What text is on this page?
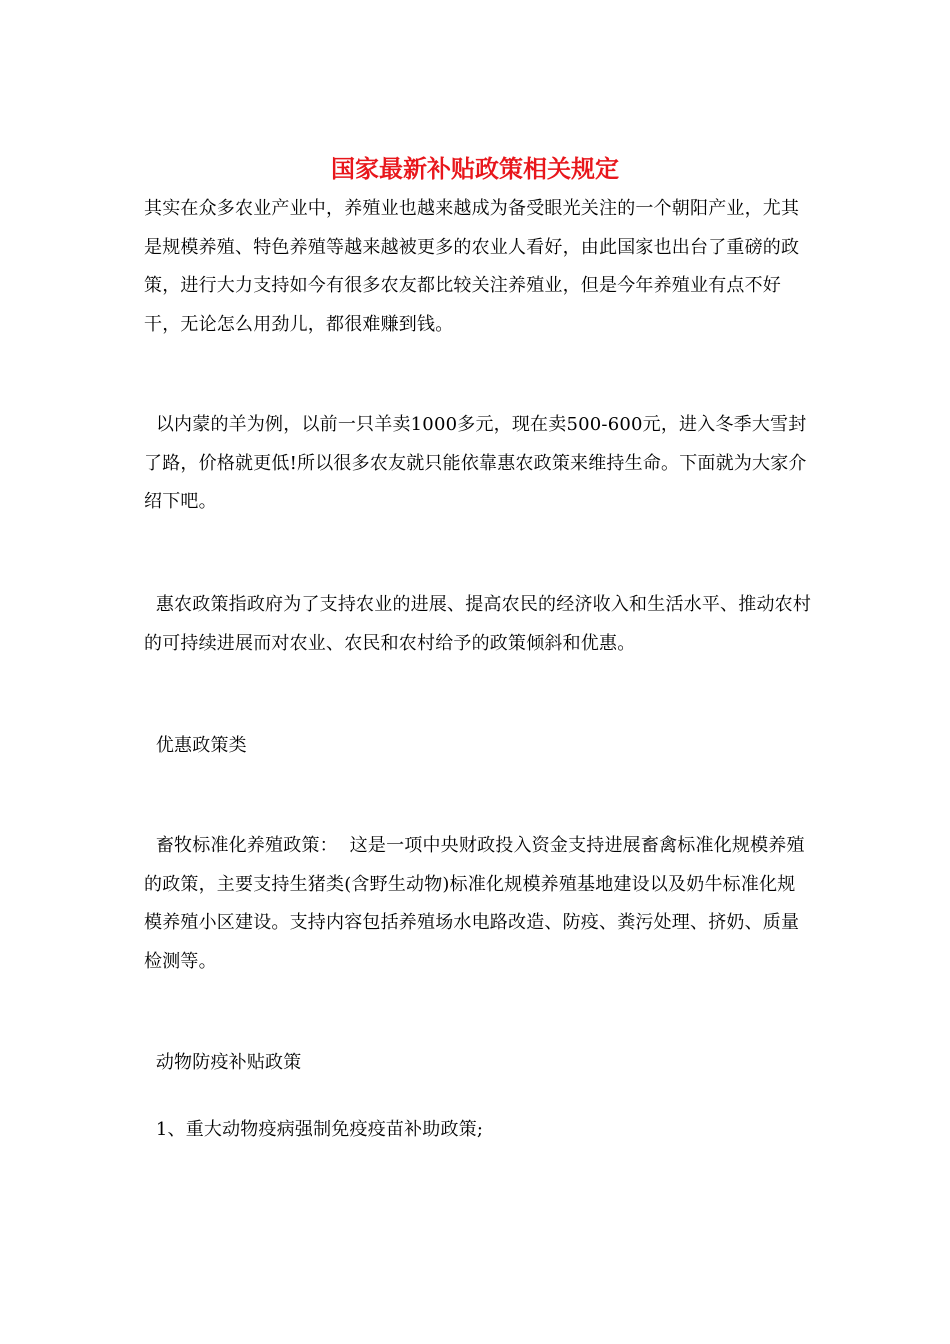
国家最新补贴政策相关规定

其实在众多农业产业中，养殖业也越来越成为备受眼光关注的一个朝阳产业，尤其是规模养殖、特色养殖等越来越被更多的农业人看好，由此国家也出台了重磅的政策，进行大力支持如今有很多农友都比较关注养殖业，但是今年养殖业有点不好干，无论怎么用劲儿，都很难赚到钱。

以内蒙的羊为例，以前一只羊卖1000多元，现在卖500-600元，进入冬季大雪封了路，价格就更低!所以很多农友就只能依靠惠农政策来维持生命。下面就为大家介绍下吧。

惠农政策指政府为了支持农业的进展、提高农民的经济收入和生活水平、推动农村的可持续进展而对农业、农民和农村给予的政策倾斜和优惠。

优惠政策类

畜牧标准化养殖政策：  这是一项中央财政投入资金支持进展畜禽标准化规模养殖的政策，主要支持生猪类(含野生动物)标准化规模养殖基地建设以及奶牛标准化规模养殖小区建设。支持内容包括养殖场水电路改造、防疫、粪污处理、挤奶、质量检测等。

动物防疫补贴政策

1、重大动物疫病强制免疫疫苗补助政策;
